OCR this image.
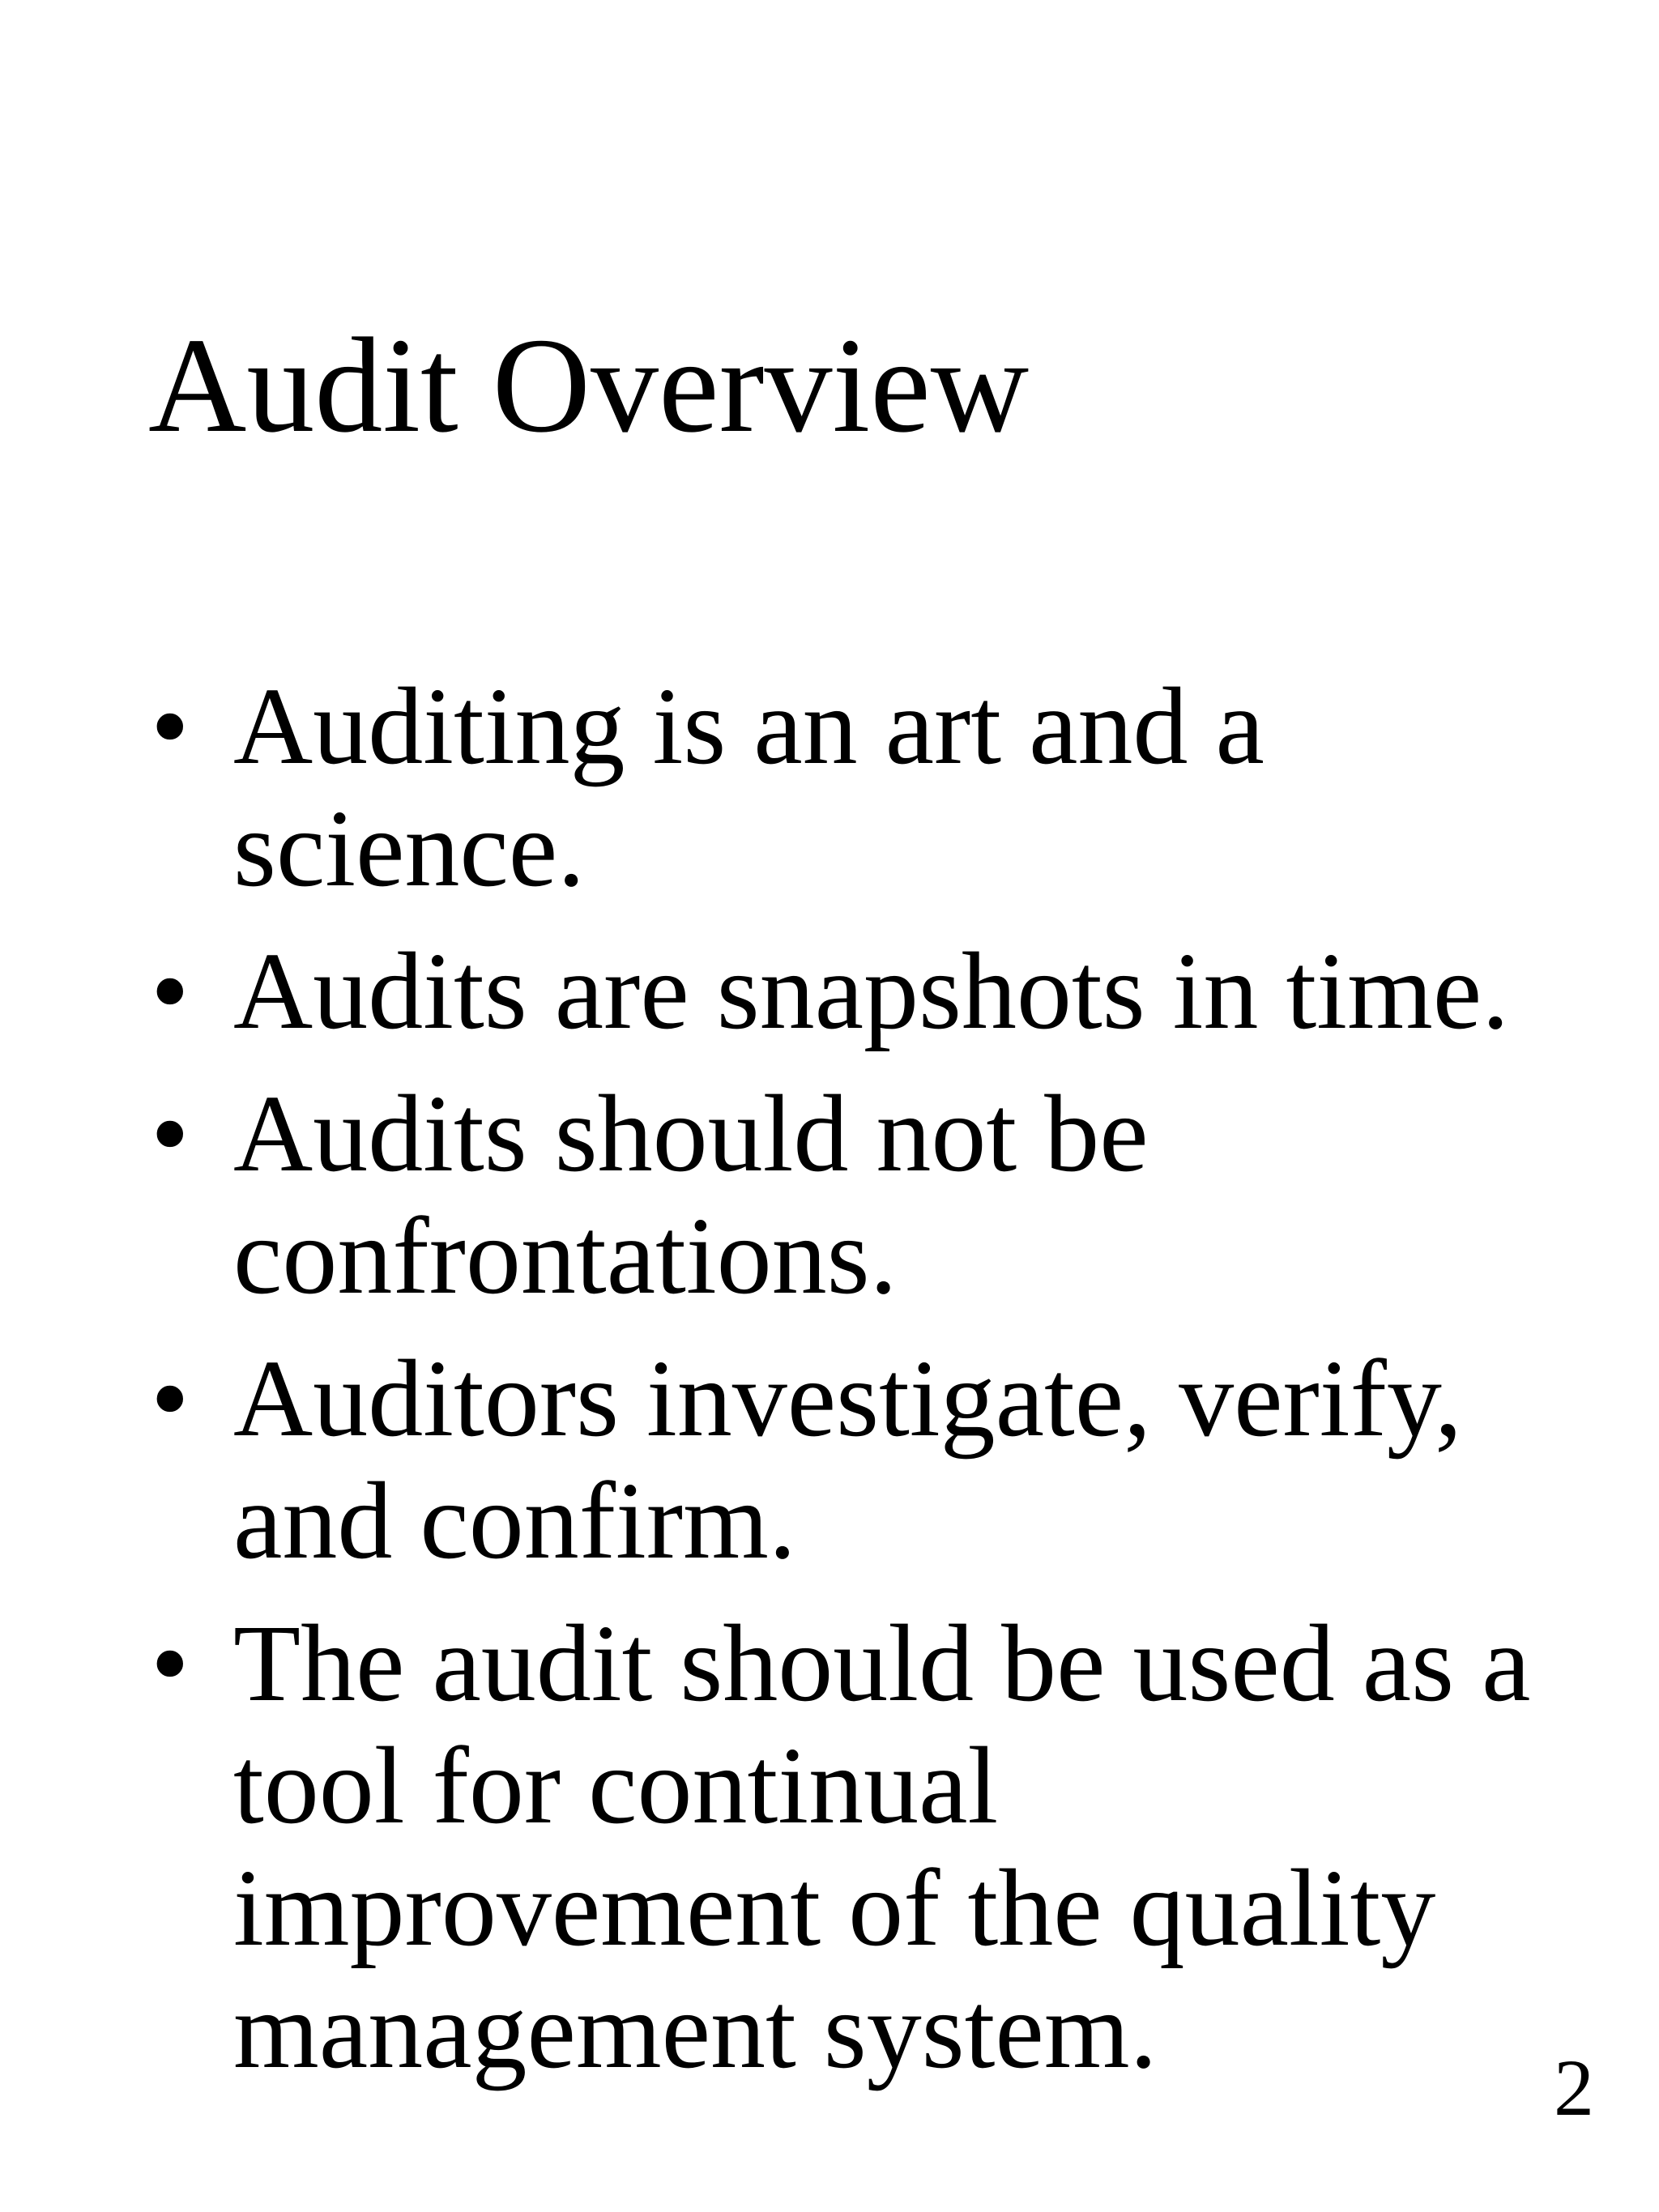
Audit Overview
• Auditing is an art and a science.
• Audits are snapshots in time.
• Audits should not be confrontations.
• Auditors investigate, verify, and confirm.
• The audit should be used as a tool for continual improvement of the quality management system.	2
